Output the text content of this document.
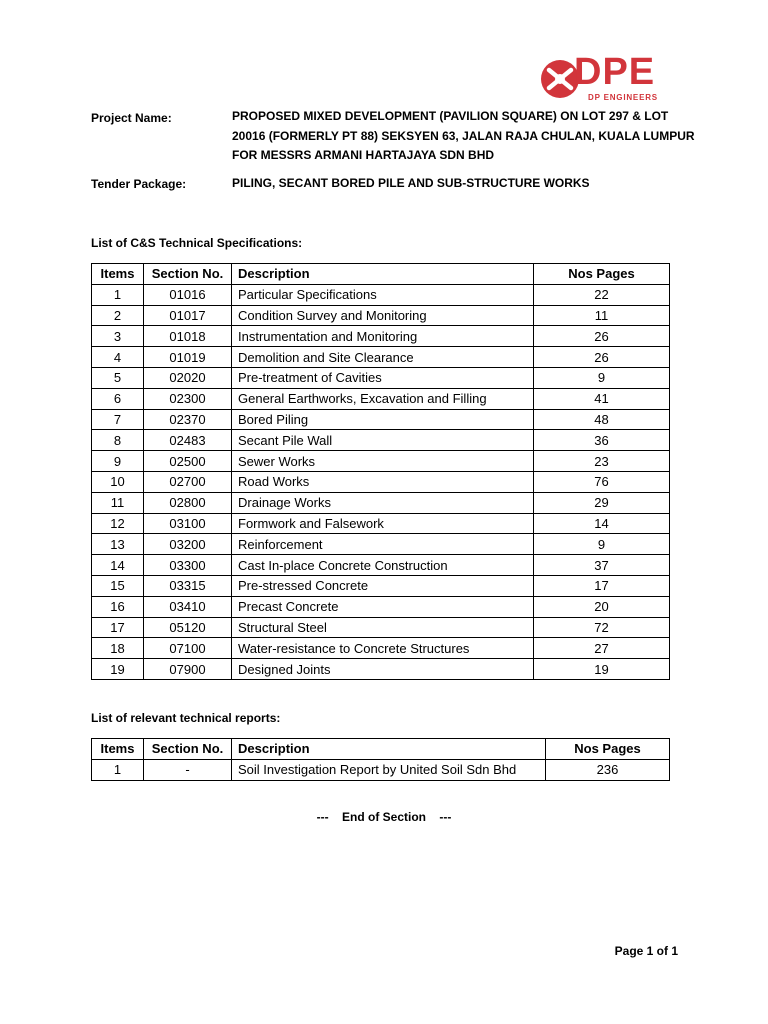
DPE
DP ENGINEERS
Project Name:	PROPOSED MIXED DEVELOPMENT (PAVILION SQUARE) ON LOT 297 & LOT
20016 (FORMERLY PT 88) SEKSYEN 63, JALAN RAJA CHULAN, KUALA LUMPUR
FOR MESSRS ARMANI HARTAJAYA SDN BHD
Tender Package:	PILING, SECANT BORED PILE AND SUB-STRUCTURE WORKS
List of C&S Technical Specifications:
Items	Section No.	Description	Nos Pages
1	01016	Particular Specifications	22
2	01017	Condition Survey and Monitoring	11
3	01018	Instrumentation and Monitoring	26
4	01019	Demolition and Site Clearance	26
5	02020	Pre-treatment of Cavities	9
6	02300	General Earthworks, Excavation and Filling	41
7	02370	Bored Piling	48
8	02483	Secant Pile Wall	36
9	02500	Sewer Works	23
10	02700	Road Works	76
11	02800	Drainage Works	29
12	03100	Formwork and Falsework	14
13	03200	Reinforcement	9
14	03300	Cast In-place Concrete Construction	37
15	03315	Pre-stressed Concrete	17
16	03410	Precast Concrete	20
17	05120	Structural Steel	72
18	07100	Water-resistance to Concrete Structures	27
19	07900	Designed Joints	19
List of relevant technical reports:
Items	Section No.	Description	Nos Pages
1	-	Soil Investigation Report by United Soil Sdn Bhd	236
---    End of Section    ---
Page 1 of 1
